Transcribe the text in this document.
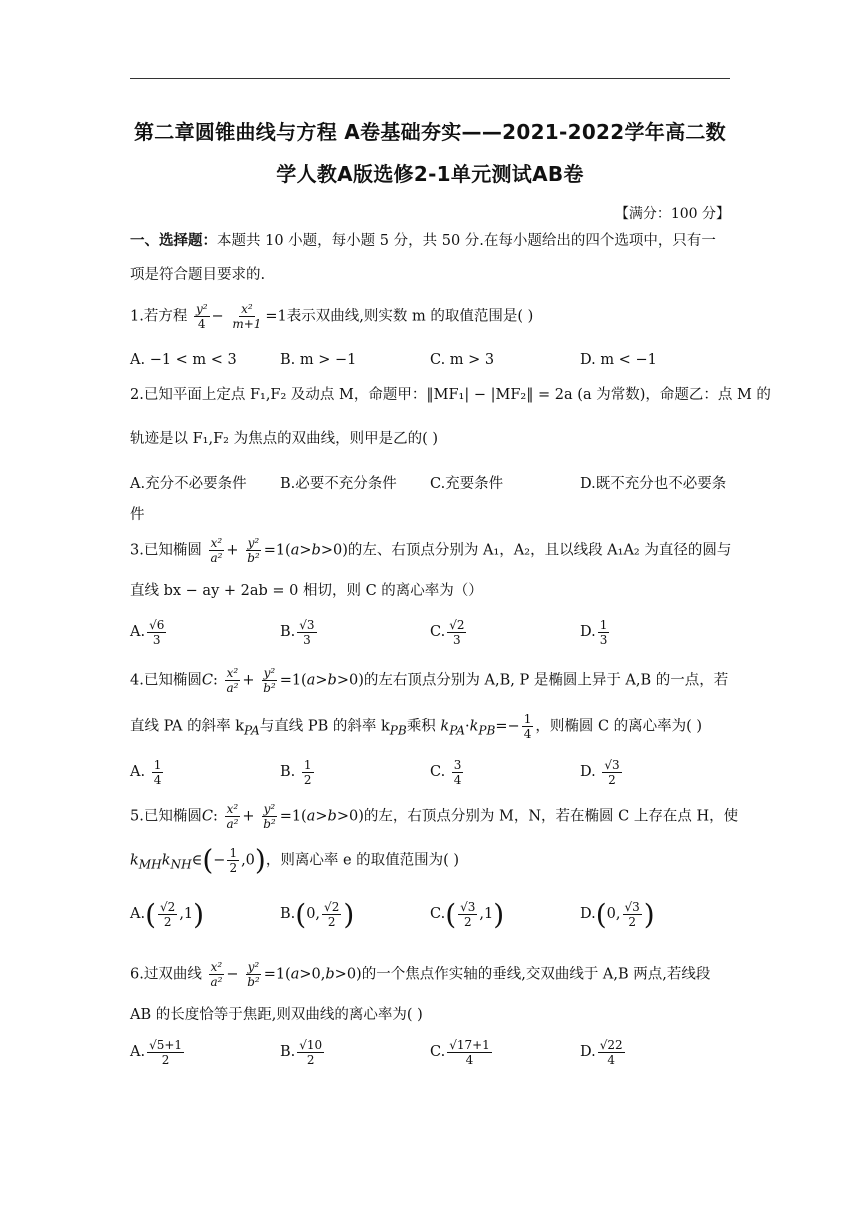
第二章圆锥曲线与方程 A卷基础夯实——2021-2022学年高二数
学人教A版选修2-1单元测试AB卷
【满分：100 分】
一、选择题：本题共 10 小题，每小题 5 分，共 50 分.在每小题给出的四个选项中，只有一
项是符合题目要求的.
1.若方程 $\frac{\text{y²}}{4} - \frac{\text{x²}}{m+1} =1$表示双曲线,则实数 m 的取值范围是( )
A. −1 < m < 3	B. m > −1	C. m > 3	D. m < −1
2.已知平面上定点 F₁,F₂ 及动点 M，命题甲：‖MF₁| − |MF₂‖ = 2a (a 为常数)，命题乙：点 M 的
轨迹是以 F₁,F₂ 为焦点的双曲线，则甲是乙的( )
A.充分不必要条件 B.必要不充分条件 C.充要条件	D.既不充分也不必要条
件
3.已知椭圆 $\frac{\text{x²}}{\text{a²}} + \frac{\text{y²}}{\text{b²}} =1(a>b>0)$的左、右顶点分别为 A₁，A₂，且以线段 A₁A₂ 为直径的圆与
直线 bx − ay + 2ab = 0 相切，则 C 的离心率为（）
A. $\frac{√6}{3}$	B. $\frac{√3}{3}$	C. $\frac{√2}{3}$	D. $\frac{1}{3}$
4.已知椭圆C: $\frac{\text{x²}}{\text{a²}} + \frac{\text{y²}}{\text{b²}} =1(a>b>0)$的左右顶点分别为 A,B, P 是椭圆上异于 A,B 的一点，若
直线 PA 的斜率 $k_{PA}$与直线 PB 的斜率 $k_{PB}$乘积 $k_{PA}\cdot k_{PB}=- \frac{1}{4}$ ，则椭圆 C 的离心率为( )
A.
$\frac{1}{4}$	B.
$\frac{1}{2}$	C.
$\frac{3}{4}$	D.
$\frac{√3}{2}$
5.已知椭圆C: $\frac{\text{x²}}{\text{a²}} + \frac{\text{y²}}{\text{b²}} =1(a>b>0)$的左，右顶点分别为 M，N，若在椭圆 C 上存在点 H，使
$k_{MH}k_{NH}\in(- \frac{1}{2} ,0)$，则离心率 e 的取值范围为( )
A. ( $\frac{√2}{2} ,1$ )	B. ( 0, $\frac{√2}{2}$ )	C. ( $\frac{√3}{2} ,1$ )	D. ( 0, $\frac{√3}{2}$ )
6.过双曲线 $\frac{\text{x²}}{\text{a²}} - \frac{\text{y²}}{\text{b²}} =1(a>0,b>0)$的一个焦点作实轴的垂线,交双曲线于 A,B 两点,若线段
AB 的长度恰等于焦距,则双曲线的离心率为( )
A. $\frac{√5+1}{2}$	B. $\frac{√10}{2}$	C. $\frac{√17+1}{4}$	D. $\frac{√22}{4}$
